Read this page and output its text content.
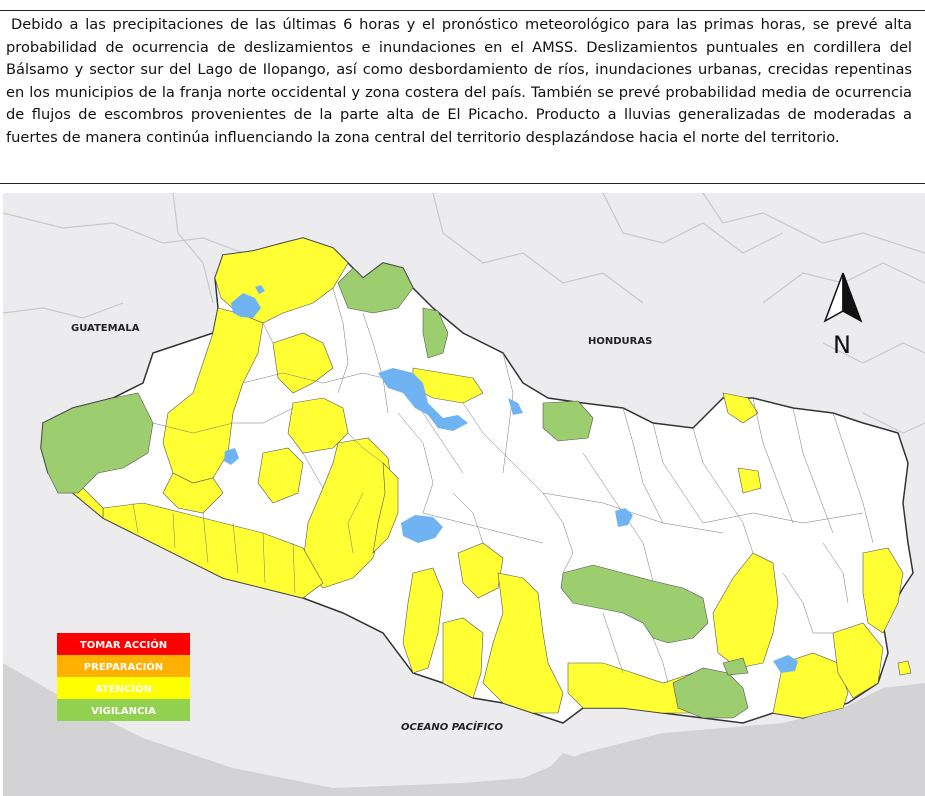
Debido a las precipitaciones de las últimas 6 horas y el pronóstico meteorológico para las primas horas, se prevé alta probabilidad de ocurrencia de deslizamientos e inundaciones en el AMSS. Deslizamientos puntuales en cordillera del Bálsamo y sector sur del Lago de Ilopango, así como desbordamiento de ríos, inundaciones urbanas, crecidas repentinas en los municipios de la franja norte occidental y zona costera del país. También se prevé probabilidad media de ocurrencia de flujos de escombros provenientes de la parte alta de El Picacho. Producto a lluvias generalizadas de moderadas a fuertes de manera continúa influenciando la zona central del territorio desplazándose hacia el norte del territorio.

GUATEMALA
HONDURAS
OCEANO PACÍFICO
N
TOMAR ACCIÓN
PREPARACIÓN
ATENCIÓN
VIGILANCIA
